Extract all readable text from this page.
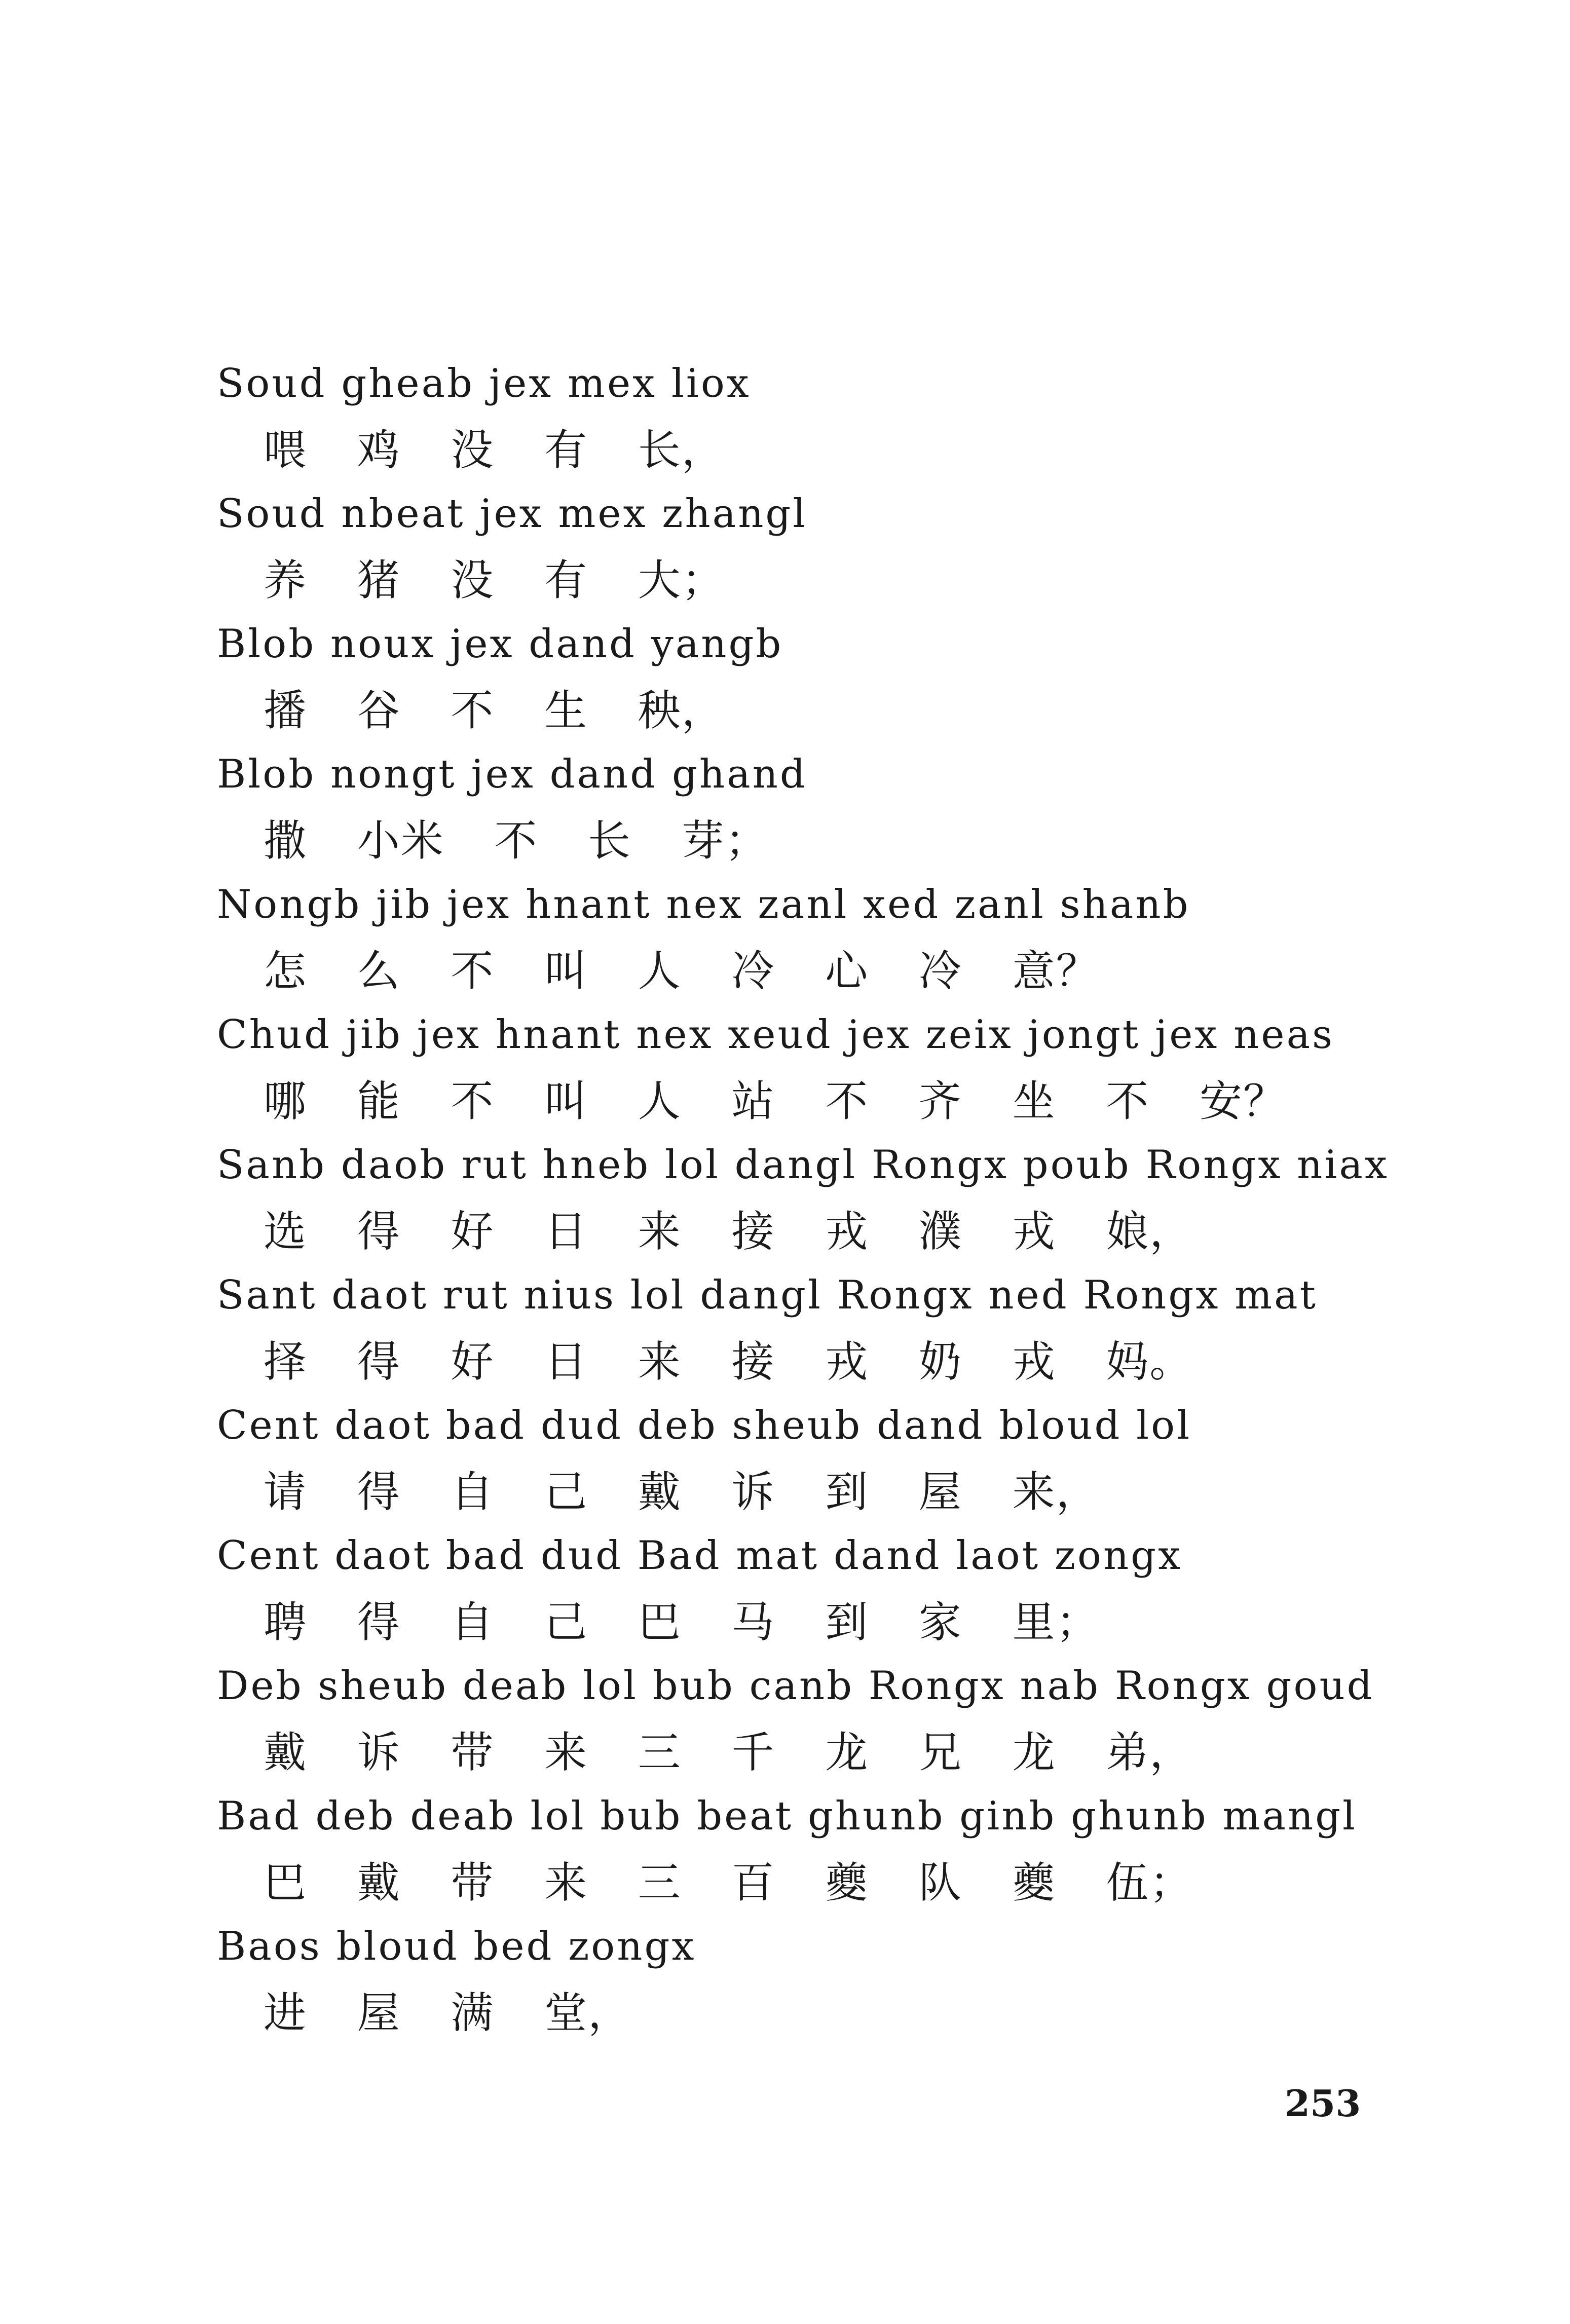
Soud gheab jex mex liox
喂 鸡 没 有 长，
Soud nbeat jex mex zhangl
养 猪 没 有 大；
Blob noux jex dand yangb
播 谷 不 生 秧，
Blob nongt jex dand ghand
撒 小米 不 长 芽；
Nongb jib jex hnant nex zanl xed zanl shanb
怎 么 不 叫 人 冷 心 冷 意？
Chud jib jex hnant nex xeud jex zeix jongt jex neas
哪 能 不 叫 人 站 不 齐 坐 不 安？
Sanb daob rut hneb lol dangl Rongx poub Rongx niax
选 得 好 日 来 接 戎 濮 戎 娘，
Sant daot rut nius lol dangl Rongx ned Rongx mat
择 得 好 日 来 接 戎 奶 戎 妈。
Cent daot bad dud deb sheub dand bloud lol
请 得 自 己 戴 诉 到 屋 来，
Cent daot bad dud Bad mat dand laot zongx
聘 得 自 己 巴 马 到 家 里；
Deb sheub deab lol bub canb Rongx nab Rongx goud
戴 诉 带 来 三 千 龙 兄 龙 弟，
Bad deb deab lol bub beat ghunb ginb ghunb mangl
巴 戴 带 来 三 百 夔 队 夔 伍；
Baos bloud bed zongx
进 屋 满 堂，
253
